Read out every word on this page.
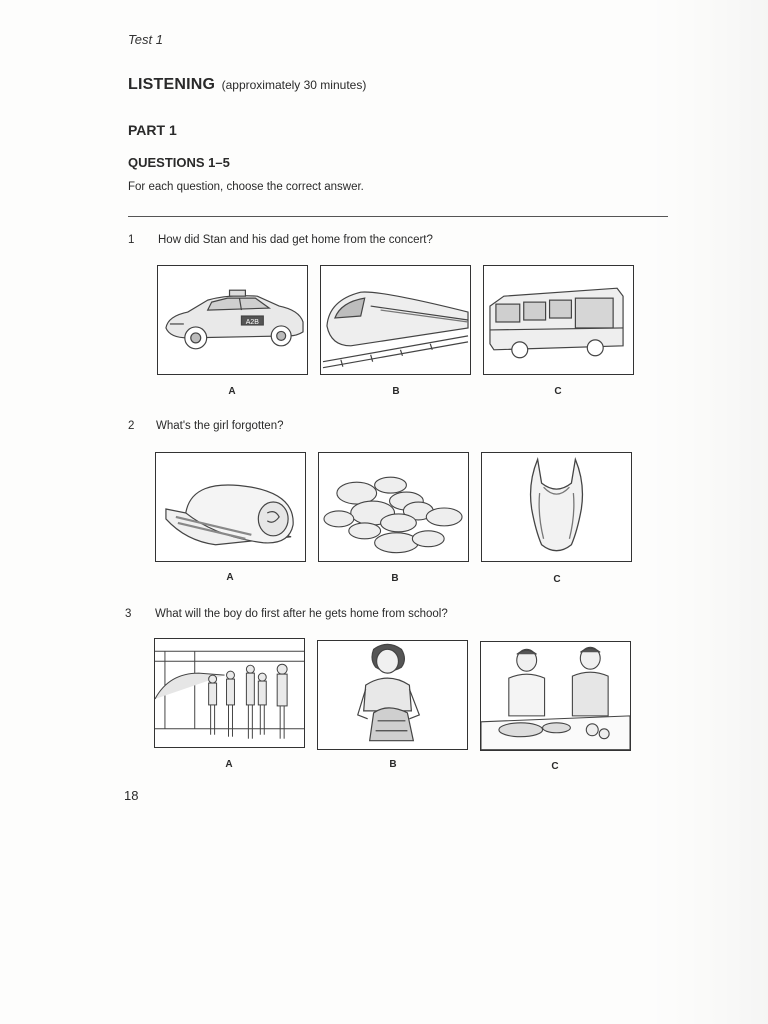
Test 1
LISTENING (approximately 30 minutes)
PART 1
QUESTIONS 1–5
For each question, choose the correct answer.
1 How did Stan and his dad get home from the concert?
A2B
A	B	C
2 What's the girl forgotten?
A	B	C
3 What will the boy do first after he gets home from school?
A	B	C
18
